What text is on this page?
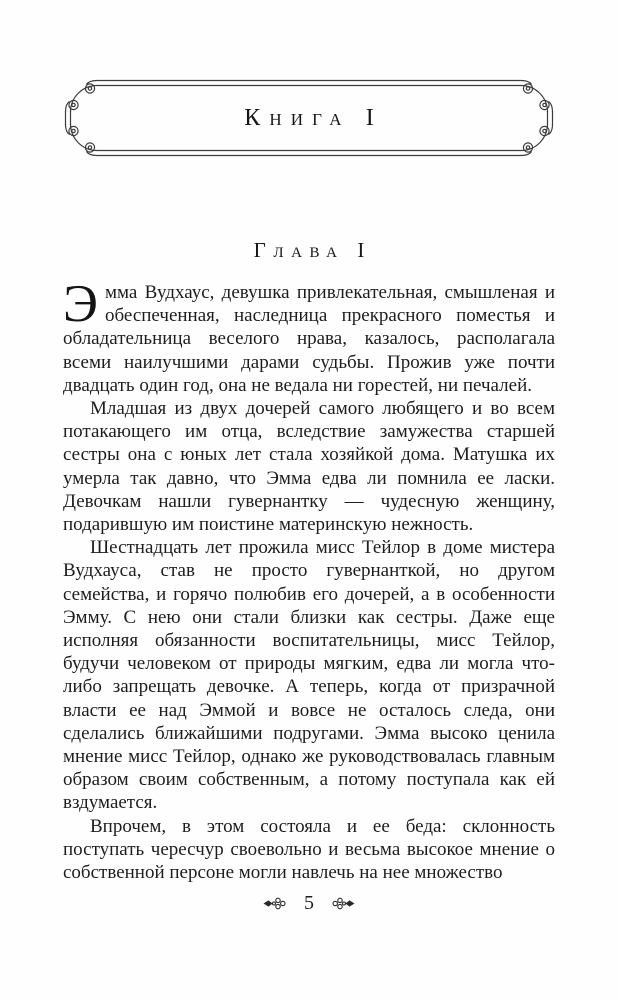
Книга I
Глава I

Эмма Вудхаус, девушка привлекательная, смышленая и обеспеченная, наследница прекрасного поместья и обладательница веселого нрава, казалось, располагала всеми наилучшими дарами судьбы. Прожив уже почти двадцать один год, она не ведала ни горестей, ни печалей.

Младшая из двух дочерей самого любящего и во всем потакающего им отца, вследствие замужества старшей сестры она с юных лет стала хозяйкой дома. Матушка их умерла так давно, что Эмма едва ли помнила ее ласки. Девочкам нашли гувернантку — чудесную женщину, подарившую им поистине материнскую нежность.

Шестнадцать лет прожила мисс Тейлор в доме мистера Вудхауса, став не просто гувернанткой, но другом семейства, и горячо полюбив его дочерей, а в особенности Эмму. С нею они стали близки как сестры. Даже еще исполняя обязанности воспитательницы, мисс Тейлор, будучи человеком от природы мягким, едва ли могла что-либо запрещать девочке. А теперь, когда от призрачной власти ее над Эммой и вовсе не осталось следа, они сделались ближайшими подругами. Эмма высоко ценила мнение мисс Тейлор, однако же руководствовалась главным образом своим собственным, а потому поступала как ей вздумается.

Впрочем, в этом состояла и ее беда: склонность поступать чересчур своевольно и весьма высокое мнение о собственной персоне могли навлечь на нее множество

5
